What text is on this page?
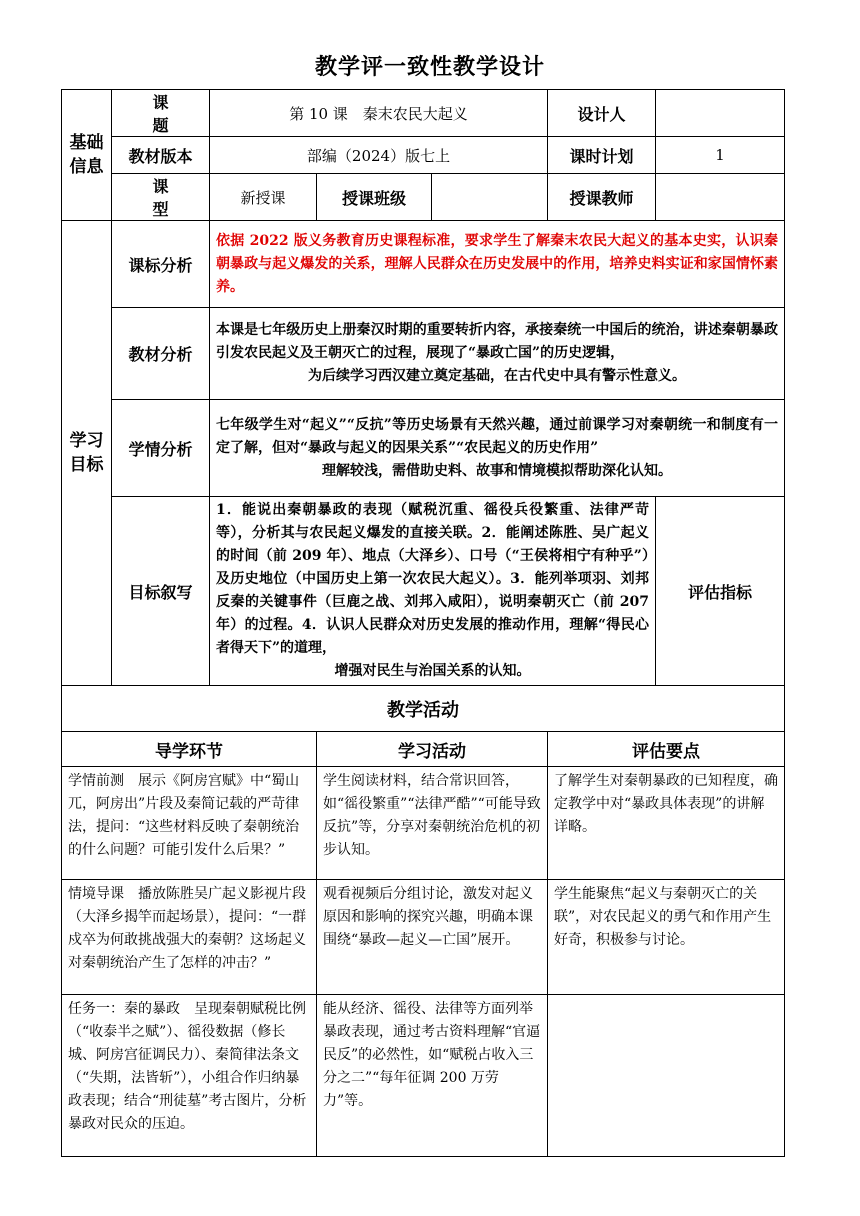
教学评一致性教学设计
基础
信息	课题	第 10 课　秦末农民大起义			设计人	
	教材版本	部编（2024）版七上			课时计划	1
	课型	新授课	授课班级		授课教师	

学习
目标	课标分析	依据 2022 版义务教育历史课程标准，要求学生了解秦末农民大起义的基本史实，认识秦朝暴政与起义爆发的关系，理解人民群众在历史发展中的作用，培养史料实证和家国情怀素养。				
	教材分析	本课是七年级历史上册秦汉时期的重要转折内容，承接秦统一中国后的统治，讲述秦朝暴政引发农民起义及王朝灭亡的过程，展现了“暴政亡国”的历史逻辑，
为后续学习西汉建立奠定基础，在古代史中具有警示性意义。				

	学情分析	七年级学生对“起义”“反抗”等历史场景有天然兴趣，通过前课学习对秦朝统一和制度有一定了解，但对“暴政与起义的因果关系”“农民起义的历史作用”
理解较浅，需借助史料、故事和情境模拟帮助深化认知。				

	目标叙写	1．能说出秦朝暴政的表现（赋税沉重、徭役兵役繁重、法律严苛等），分析其与农民起义爆发的直接关联。2．能阐述陈胜、吴广起义的时间（前 209 年）、地点（大泽乡）、口号（“王侯将相宁有种乎”）及历史地位（中国历史上第一次农民大起义）。3．能列举项羽、刘邦反秦的关键事件（巨鹿之战、刘邦入咸阳），说明秦朝灭亡（前 207 年）的过程。4．认识人民群众对历史发展的推动作用，理解“得民心者得天下”的道理，
增强对民生与治国关系的认知。				评估指标
教学活动						
导学环节			学习活动		评估要点	
学情前测　展示《阿房宫赋》中“蜀山兀，阿房出”片段及秦简记载的严苛律法，提问：“这些材料反映了秦朝统治的什么问题？可能引发什么后果？”			学生阅读材料，结合常识回答，如“徭役繁重”“法律严酷”“可能导致反抗”等，分享对秦朝统治危机的初步认知。		了解学生对秦朝暴政的已知程度，确定教学中对“暴政具体表现”的讲解详略。	
情境导课　播放陈胜吴广起义影视片段（大泽乡揭竿而起场景），提问：“一群戍卒为何敢挑战强大的秦朝？这场起义对秦朝统治产生了怎样的冲击？”			观看视频后分组讨论，激发对起义原因和影响的探究兴趣，明确本课围绕“暴政—起义—亡国”展开。		学生能聚焦“起义与秦朝灭亡的关联”，对农民起义的勇气和作用产生好奇，积极参与讨论。	
任务一：秦的暴政　呈现秦朝赋税比例（“收泰半之赋”）、徭役数据（修长城、阿房宫征调民力）、秦简律法条文（“失期，法皆斩”），小组合作归纳暴政表现；结合“刑徒墓”考古图片，分析暴政对民众的压迫。			能从经济、徭役、法律等方面列举暴政表现，通过考古资料理解“官逼民反”的必然性，如“赋税占收入三分之二”“每年征调 200 万劳力”等。			
